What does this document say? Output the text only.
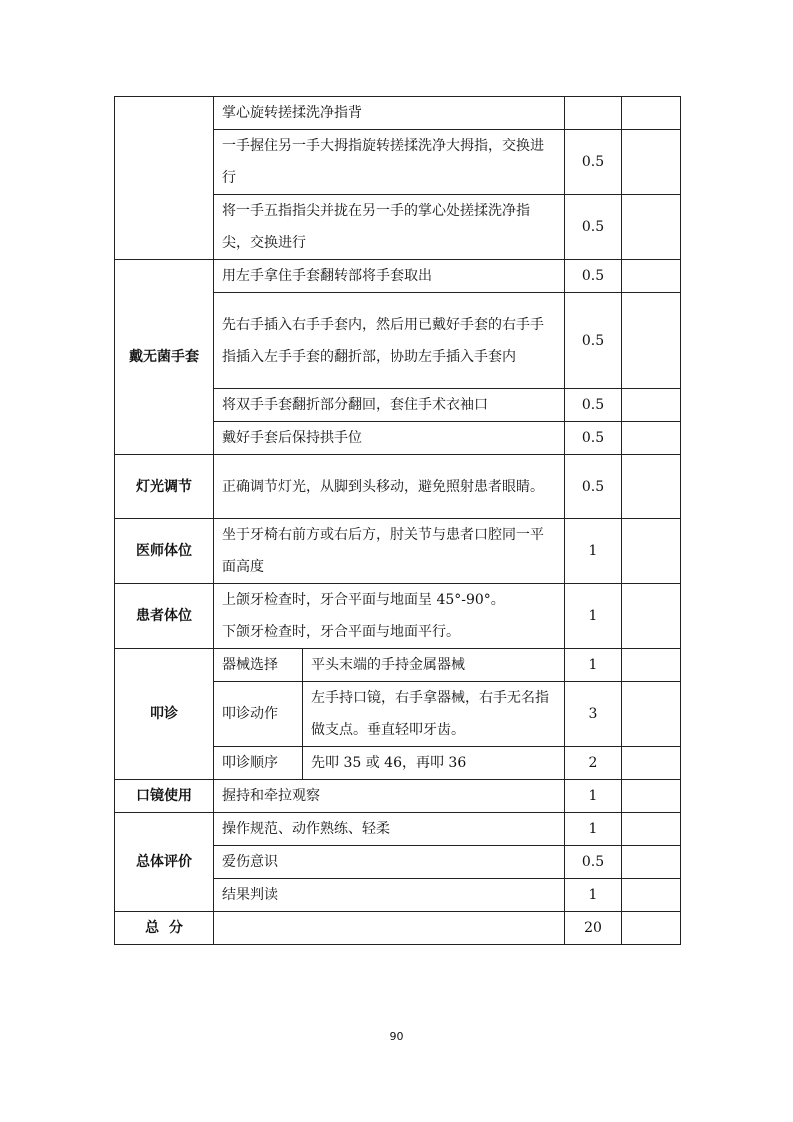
	掌心旋转搓揉洗净指背			
	一手握住另一手大拇指旋转搓揉洗净大拇指，交换进行		0.5	
	将一手五指指尖并拢在另一手的掌心处搓揉洗净指尖，交换进行		0.5	
戴无菌手套	用左手拿住手套翻转部将手套取出		0.5	
	先右手插入右手手套内，然后用已戴好手套的右手手指插入左手手套的翻折部，协助左手插入手套内		0.5	
	将双手手套翻折部分翻回，套住手术衣袖口		0.5	
	戴好手套后保持拱手位		0.5	
灯光调节	正确调节灯光，从脚到头移动，避免照射患者眼睛。		0.5	
医师体位	坐于牙椅右前方或右后方，肘关节与患者口腔同一平面高度		1	
患者体位	上颌牙检查时，牙合平面与地面呈 45°-90°。
下颌牙检查时，牙合平面与地面平行。		1	
叩诊	器械选择	平头末端的手持金属器械	1	
	叩诊动作	左手持口镜，右手拿器械，右手无名指做支点。垂直轻叩牙齿。	3	
	叩诊顺序	先叩 35 或 46，再叩 36	2	
口镜使用	握持和牵拉观察		1	
总体评价	操作规范、动作熟练、轻柔		1	
	爱伤意识		0.5	
	结果判读		1	
总  分			20	
90
